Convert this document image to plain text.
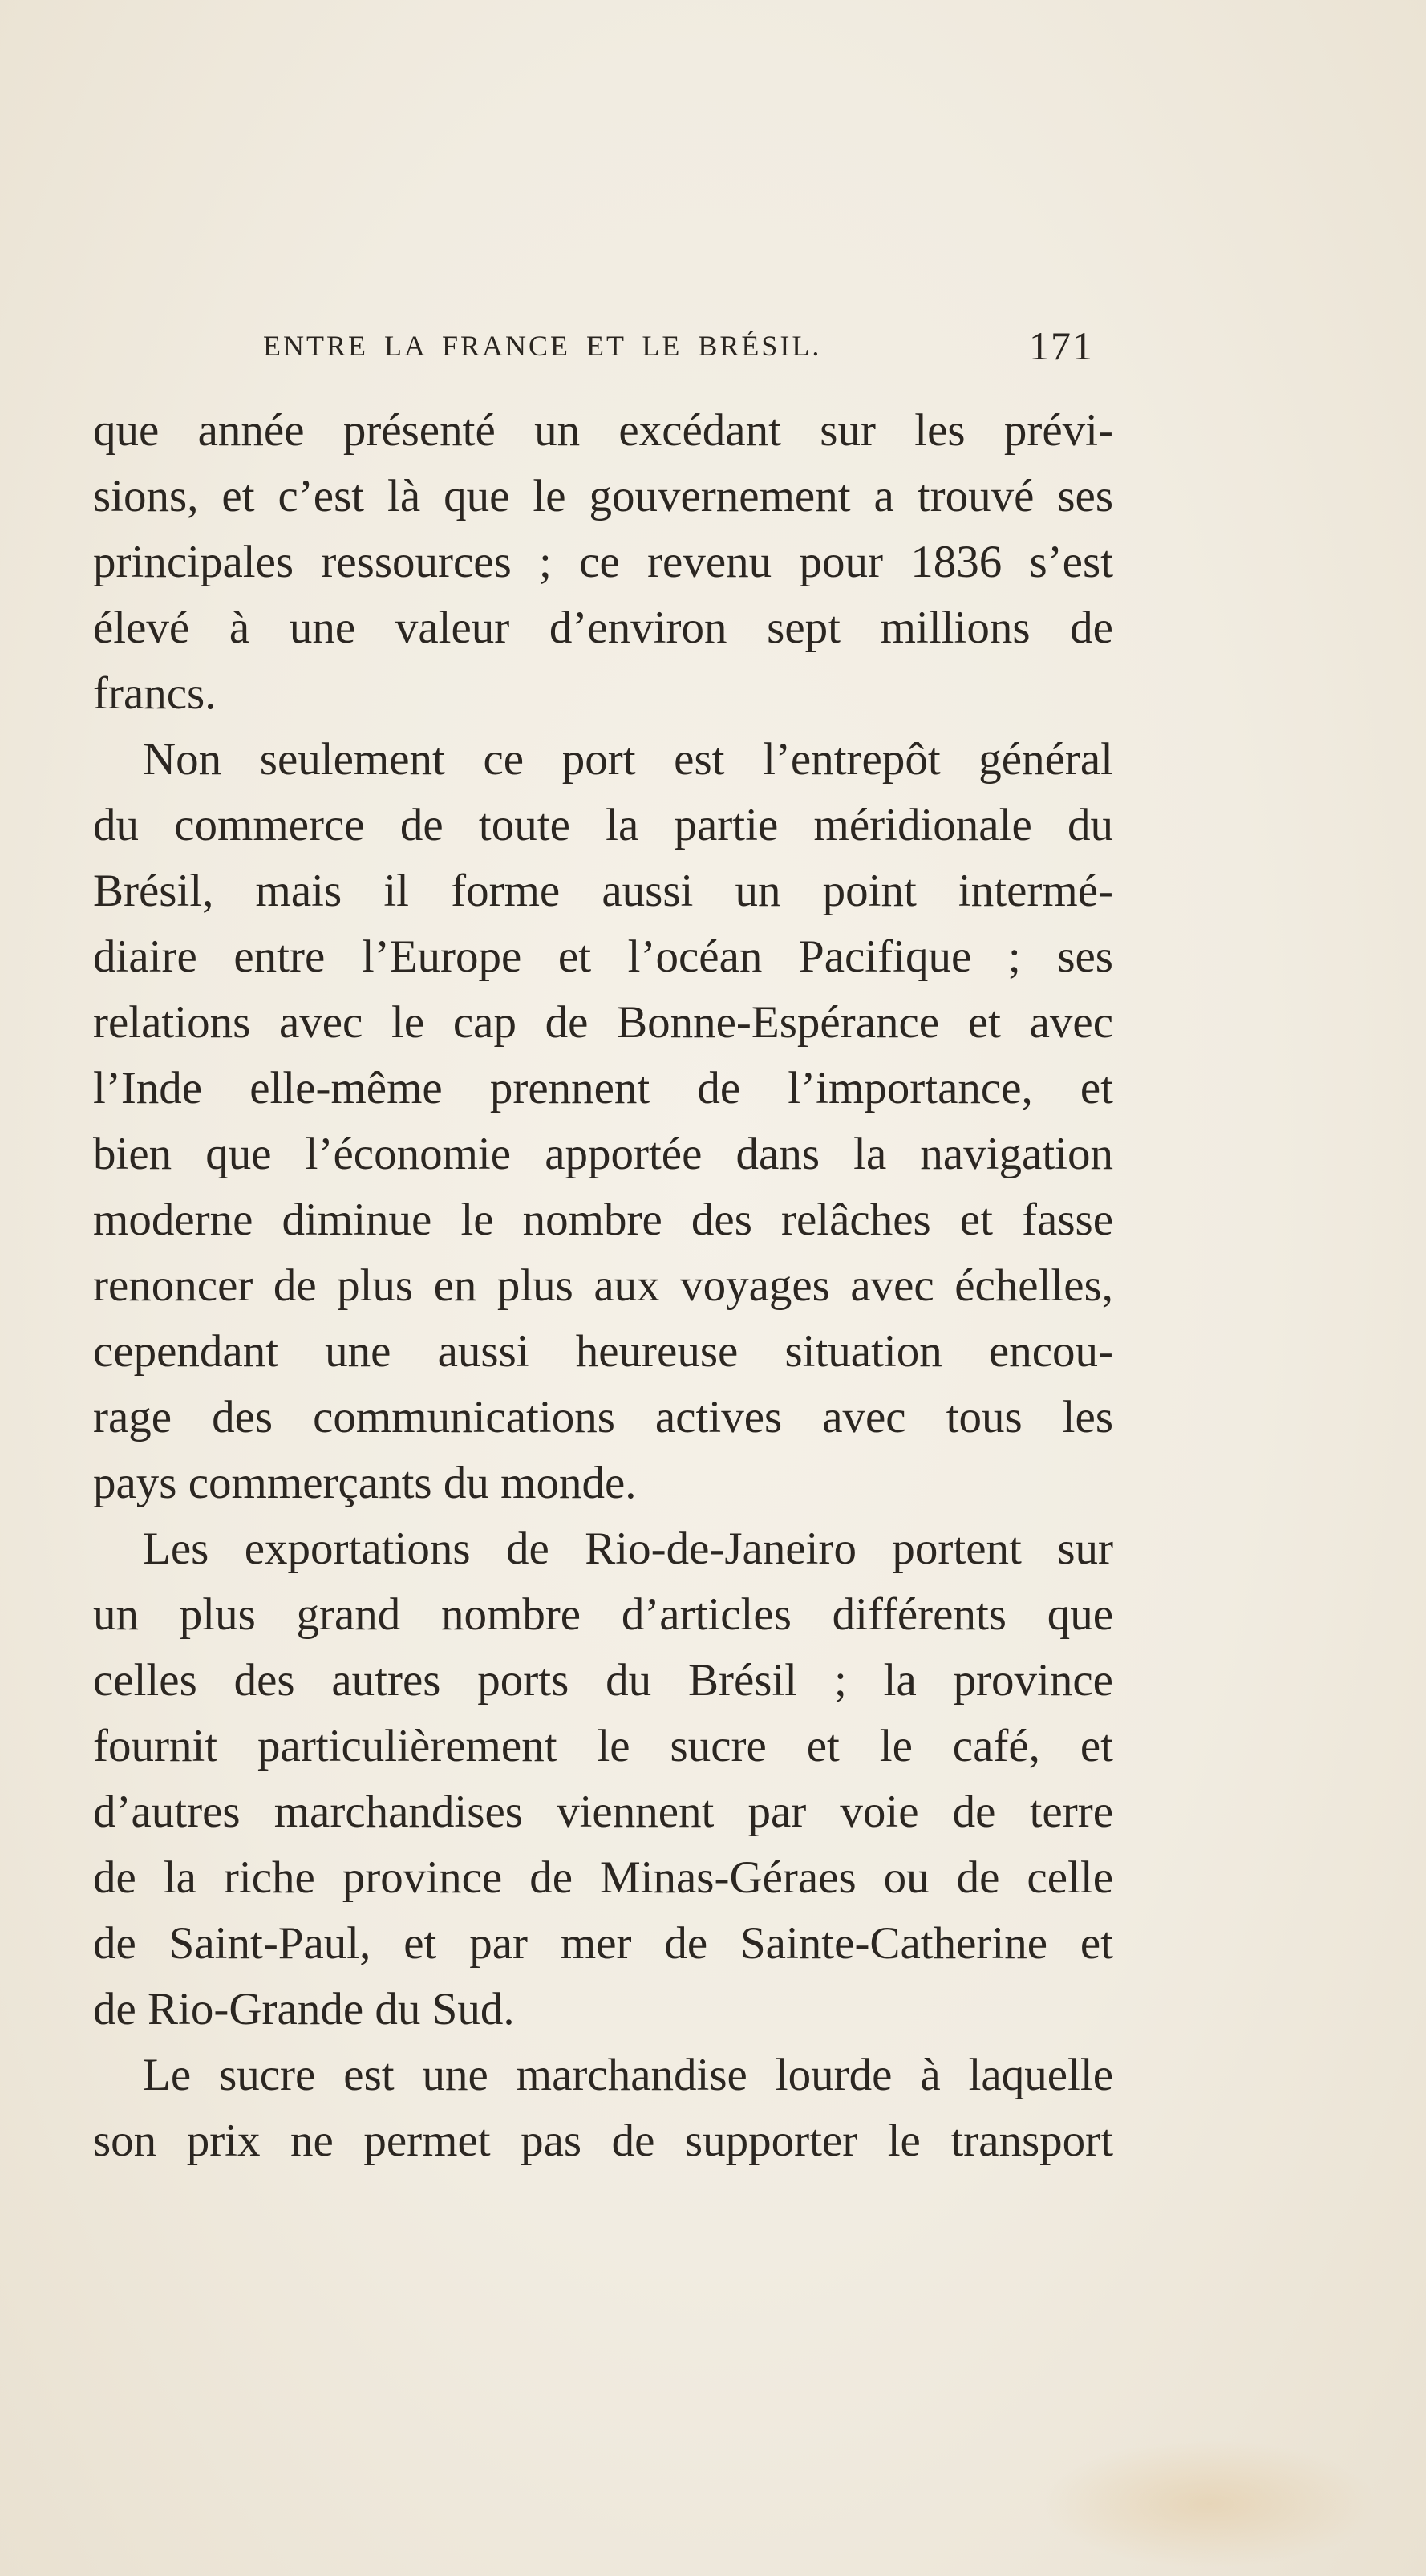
ENTRE LA FRANCE ET LE BRÉSIL.	171
que année présenté un excédant sur les prévi-
sions, et c’est là que le gouvernement a trouvé ses
principales ressources ; ce revenu pour 1836 s’est
élevé à une valeur d’environ sept millions de
francs.
Non seulement ce port est l’entrepôt général
du commerce de toute la partie méridionale du
Brésil, mais il forme aussi un point intermé-
diaire entre l’Europe et l’océan Pacifique ; ses
relations avec le cap de Bonne-Espérance et avec
l’Inde elle-même prennent de l’importance, et
bien que l’économie apportée dans la navigation
moderne diminue le nombre des relâches et fasse
renoncer de plus en plus aux voyages avec échelles,
cependant une aussi heureuse situation encou-
rage des communications actives avec tous les
pays commerçants du monde.
Les exportations de Rio-de-Janeiro portent sur
un plus grand nombre d’articles différents que
celles des autres ports du Brésil ; la province
fournit particulièrement le sucre et le café, et
d’autres marchandises viennent par voie de terre
de la riche province de Minas-Géraes ou de celle
de Saint-Paul, et par mer de Sainte-Catherine et
de Rio-Grande du Sud.
Le sucre est une marchandise lourde à laquelle
son prix ne permet pas de supporter le transport
